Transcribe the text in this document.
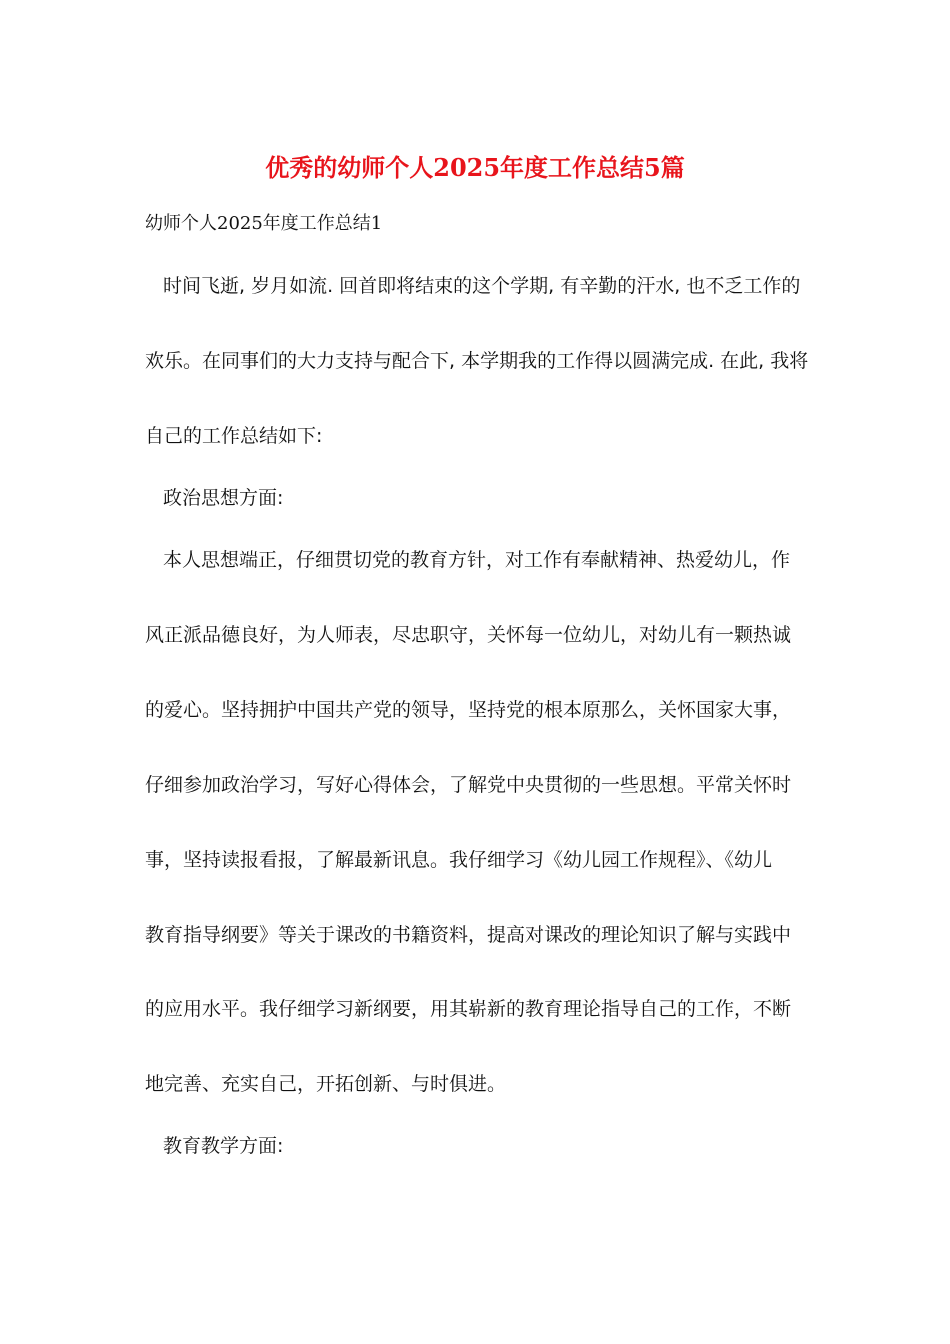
优秀的幼师个人2025年度工作总结5篇

幼师个人2025年度工作总结1

时间飞逝, 岁月如流. 回首即将结束的这个学期, 有辛勤的汗水, 也不乏工作的

欢乐。在同事们的大力支持与配合下, 本学期我的工作得以圆满完成. 在此, 我将

自己的工作总结如下:

政治思想方面:

本人思想端正，仔细贯切党的教育方针，对工作有奉献精神、热爱幼儿，作

风正派品德良好，为人师表，尽忠职守，关怀每一位幼儿，对幼儿有一颗热诚

的爱心。坚持拥护中国共产党的领导，坚持党的根本原那么，关怀国家大事，

仔细参加政治学习，写好心得体会，了解党中央贯彻的一些思想。平常关怀时

事，坚持读报看报，了解最新讯息。我仔细学习《幼儿园工作规程》、《幼儿

教育指导纲要》等关于课改的书籍资料，提高对课改的理论知识了解与实践中

的应用水平。我仔细学习新纲要，用其崭新的教育理论指导自己的工作，不断

地完善、充实自己，开拓创新、与时俱进。

教育教学方面:
